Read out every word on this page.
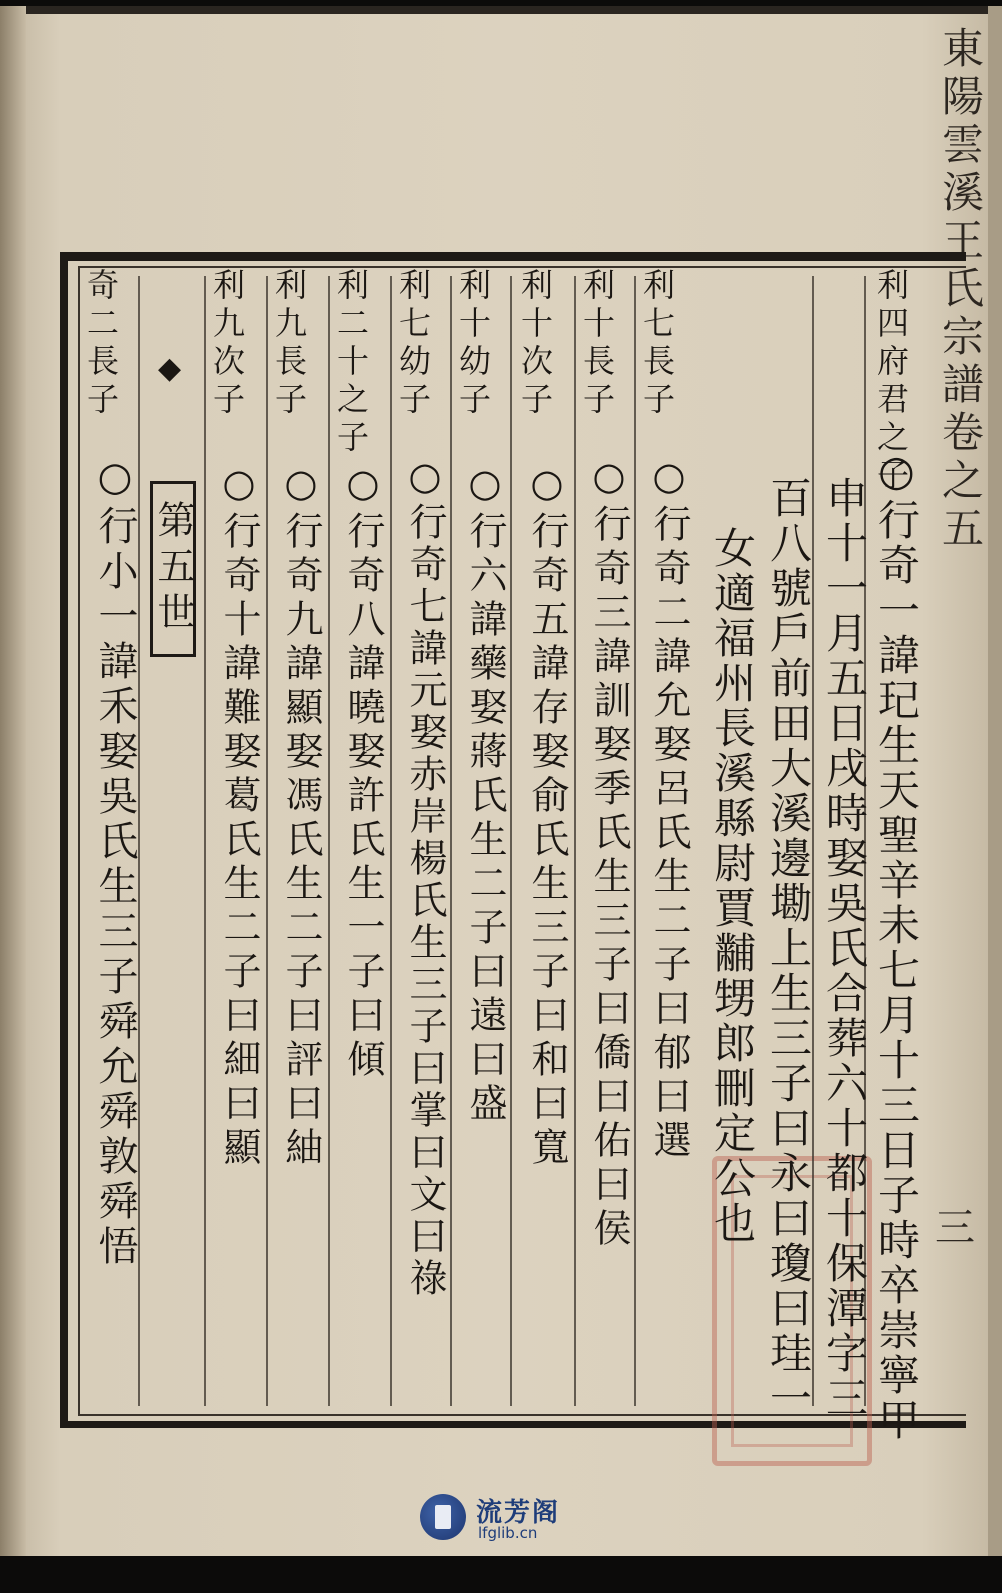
東陽雲溪王氏宗譜卷之五
三
利四府君之子
○行奇一諱玘生天聖辛未七月十三日子時卒崇寧甲
申十一月五日戌時娶吳氏合葬六十都十保潭字三
百八號戶前田大溪邊墈上生三子曰永曰瓊曰珪一
女適福州長溪縣尉賈黼甥郎刪定公也
利七長子
○行奇二諱允娶呂氏生二子曰郁曰選
利十長子
○行奇三諱訓娶季氏生三子曰僑曰佑曰侯
利十次子
○行奇五諱存娶俞氏生三子曰和曰寬
利十幼子
○行六諱藥娶蔣氏生二子曰遠曰盛
利七幼子
○行奇七諱元娶赤岸楊氏生三子曰掌曰文曰祿
利二十之子
○行奇八諱曉娶許氏生一子曰傾
利九長子
○行奇九諱顯娶馮氏生二子曰評曰紬
利九次子
○行奇十諱難娶葛氏生二子曰細曰顯
◆
第五世
奇二長子
○行小一諱禾娶吳氏生三子舜允舜敦舜悟
流芳阁
lfglib.cn
